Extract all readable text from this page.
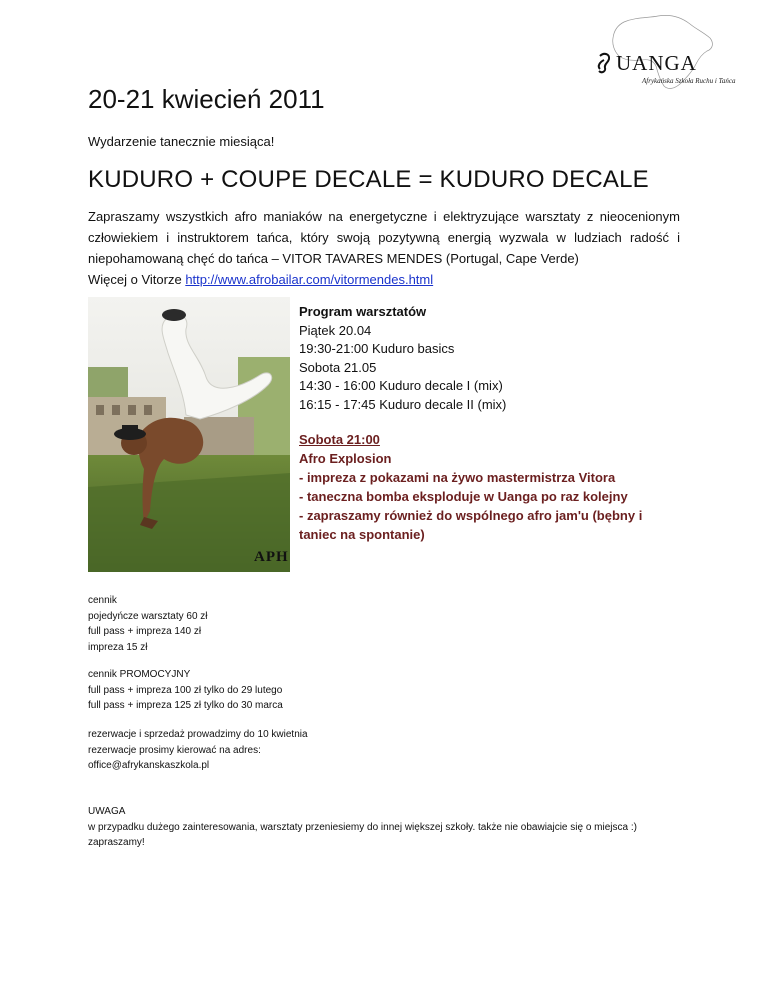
UANGA
Afrykańska Szkoła Ruchu i Tańca
20-21 kwiecień 2011

Wydarzenie tanecznie miesiąca!

KUDURO + COUPE DECALE = KUDURO DECALE

Zapraszamy wszystkich afro maniaków na energetyczne i elektryzujące warsztaty z nieocenionym człowiekiem i instruktorem tańca, który swoją pozytywną energią wyzwala w ludziach radość i niepohamowaną chęć do tańca – VITOR TAVARES MENDES (Portugal, Cape Verde)

Więcej o Vitorze http://www.afrobailar.com/vitormendes.html

APH
Program warsztatów
Piątek 20.04
19:30-21:00 Kuduro basics
Sobota 21.05
14:30 - 16:00 Kuduro decale I (mix)
16:15 - 17:45 Kuduro decale II (mix)
Sobota 21:00
Afro Explosion
- impreza z pokazami na żywo mastermistrza Vitora
- taneczna bomba eksploduje w Uanga po raz kolejny
- zapraszamy również do wspólnego afro jam'u (bębny i taniec na spontanie)
cennik
pojedyńcze warsztaty 60 zł
full pass + impreza 140 zł
impreza 15 zł
cennik PROMOCYJNY
full pass + impreza 100 zł tylko do 29 lutego
full pass + impreza 125 zł tylko do 30 marca
rezerwacje i sprzedaż prowadzimy do 10 kwietnia
rezerwacje prosimy kierować na adres:
office@afrykanskaszkola.pl
UWAGA
w przypadku dużego zainteresowania, warsztaty przeniesiemy do innej większej szkoły. także nie obawiajcie się o miejsca :)
zapraszamy!
